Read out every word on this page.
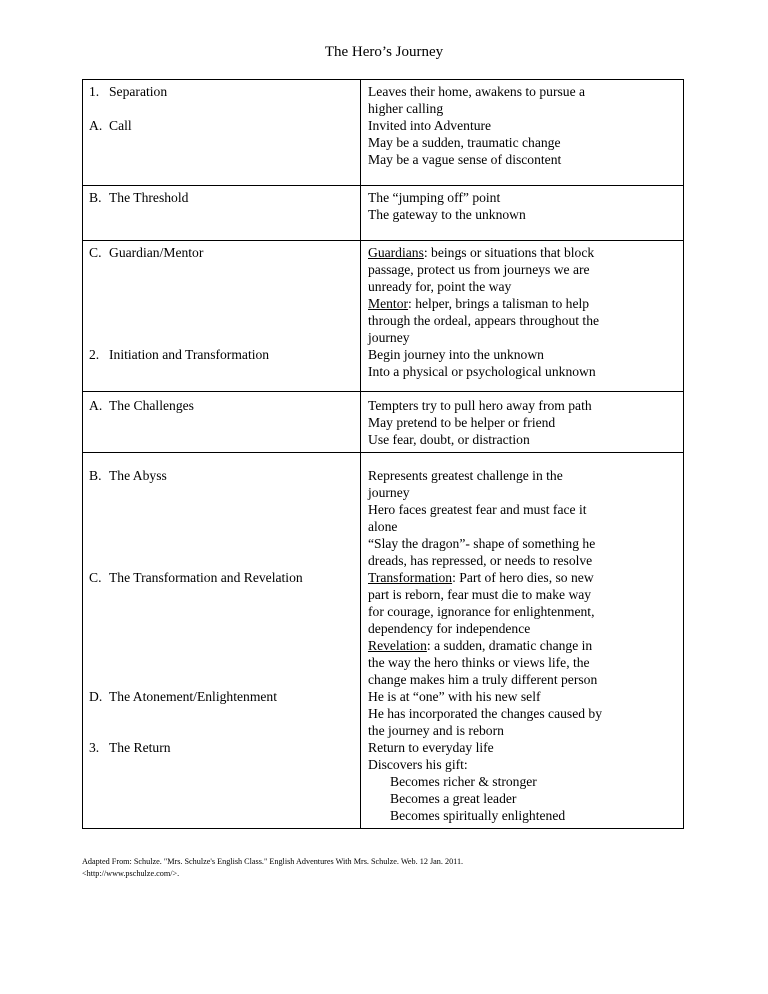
The Hero’s Journey
1. Separation
A. Call
Leaves their home, awakens to pursue a
higher calling
Invited into Adventure
May be a sudden, traumatic change
May be a vague sense of discontent
B. The Threshold	The “jumping off” point
The gateway to the unknown
C. Guardian/Mentor
2. Initiation and Transformation
Guardians: beings or situations that block
passage, protect us from journeys we are
unready for, point the way
Mentor: helper, brings a talisman to help
through the ordeal, appears throughout the
journey
Begin journey into the unknown
Into a physical or psychological unknown
A. The Challenges	Tempters try to pull hero away from path
May pretend to be helper or friend
Use fear, doubt, or distraction
B. The Abyss
C. The Transformation and Revelation
D. The Atonement/Enlightenment
3. The Return
Represents greatest challenge in the
journey
Hero faces greatest fear and must face it
alone
“Slay the dragon”- shape of something he
dreads, has repressed, or needs to resolve
Transformation: Part of hero dies, so new
part is reborn, fear must die to make way
for courage, ignorance for enlightenment,
dependency for independence
Revelation: a sudden, dramatic change in
the way the hero thinks or views life, the
change makes him a truly different person
He is at “one” with his new self
He has incorporated the changes caused by
the journey and is reborn
Return to everyday life
Discovers his gift:
Becomes richer & stronger
Becomes a great leader
Becomes spiritually enlightened
Adapted From: Schulze. "Mrs. Schulze's English Class." English Adventures With Mrs. Schulze. Web. 12 Jan. 2011.
<http://www.pschulze.com/>.
